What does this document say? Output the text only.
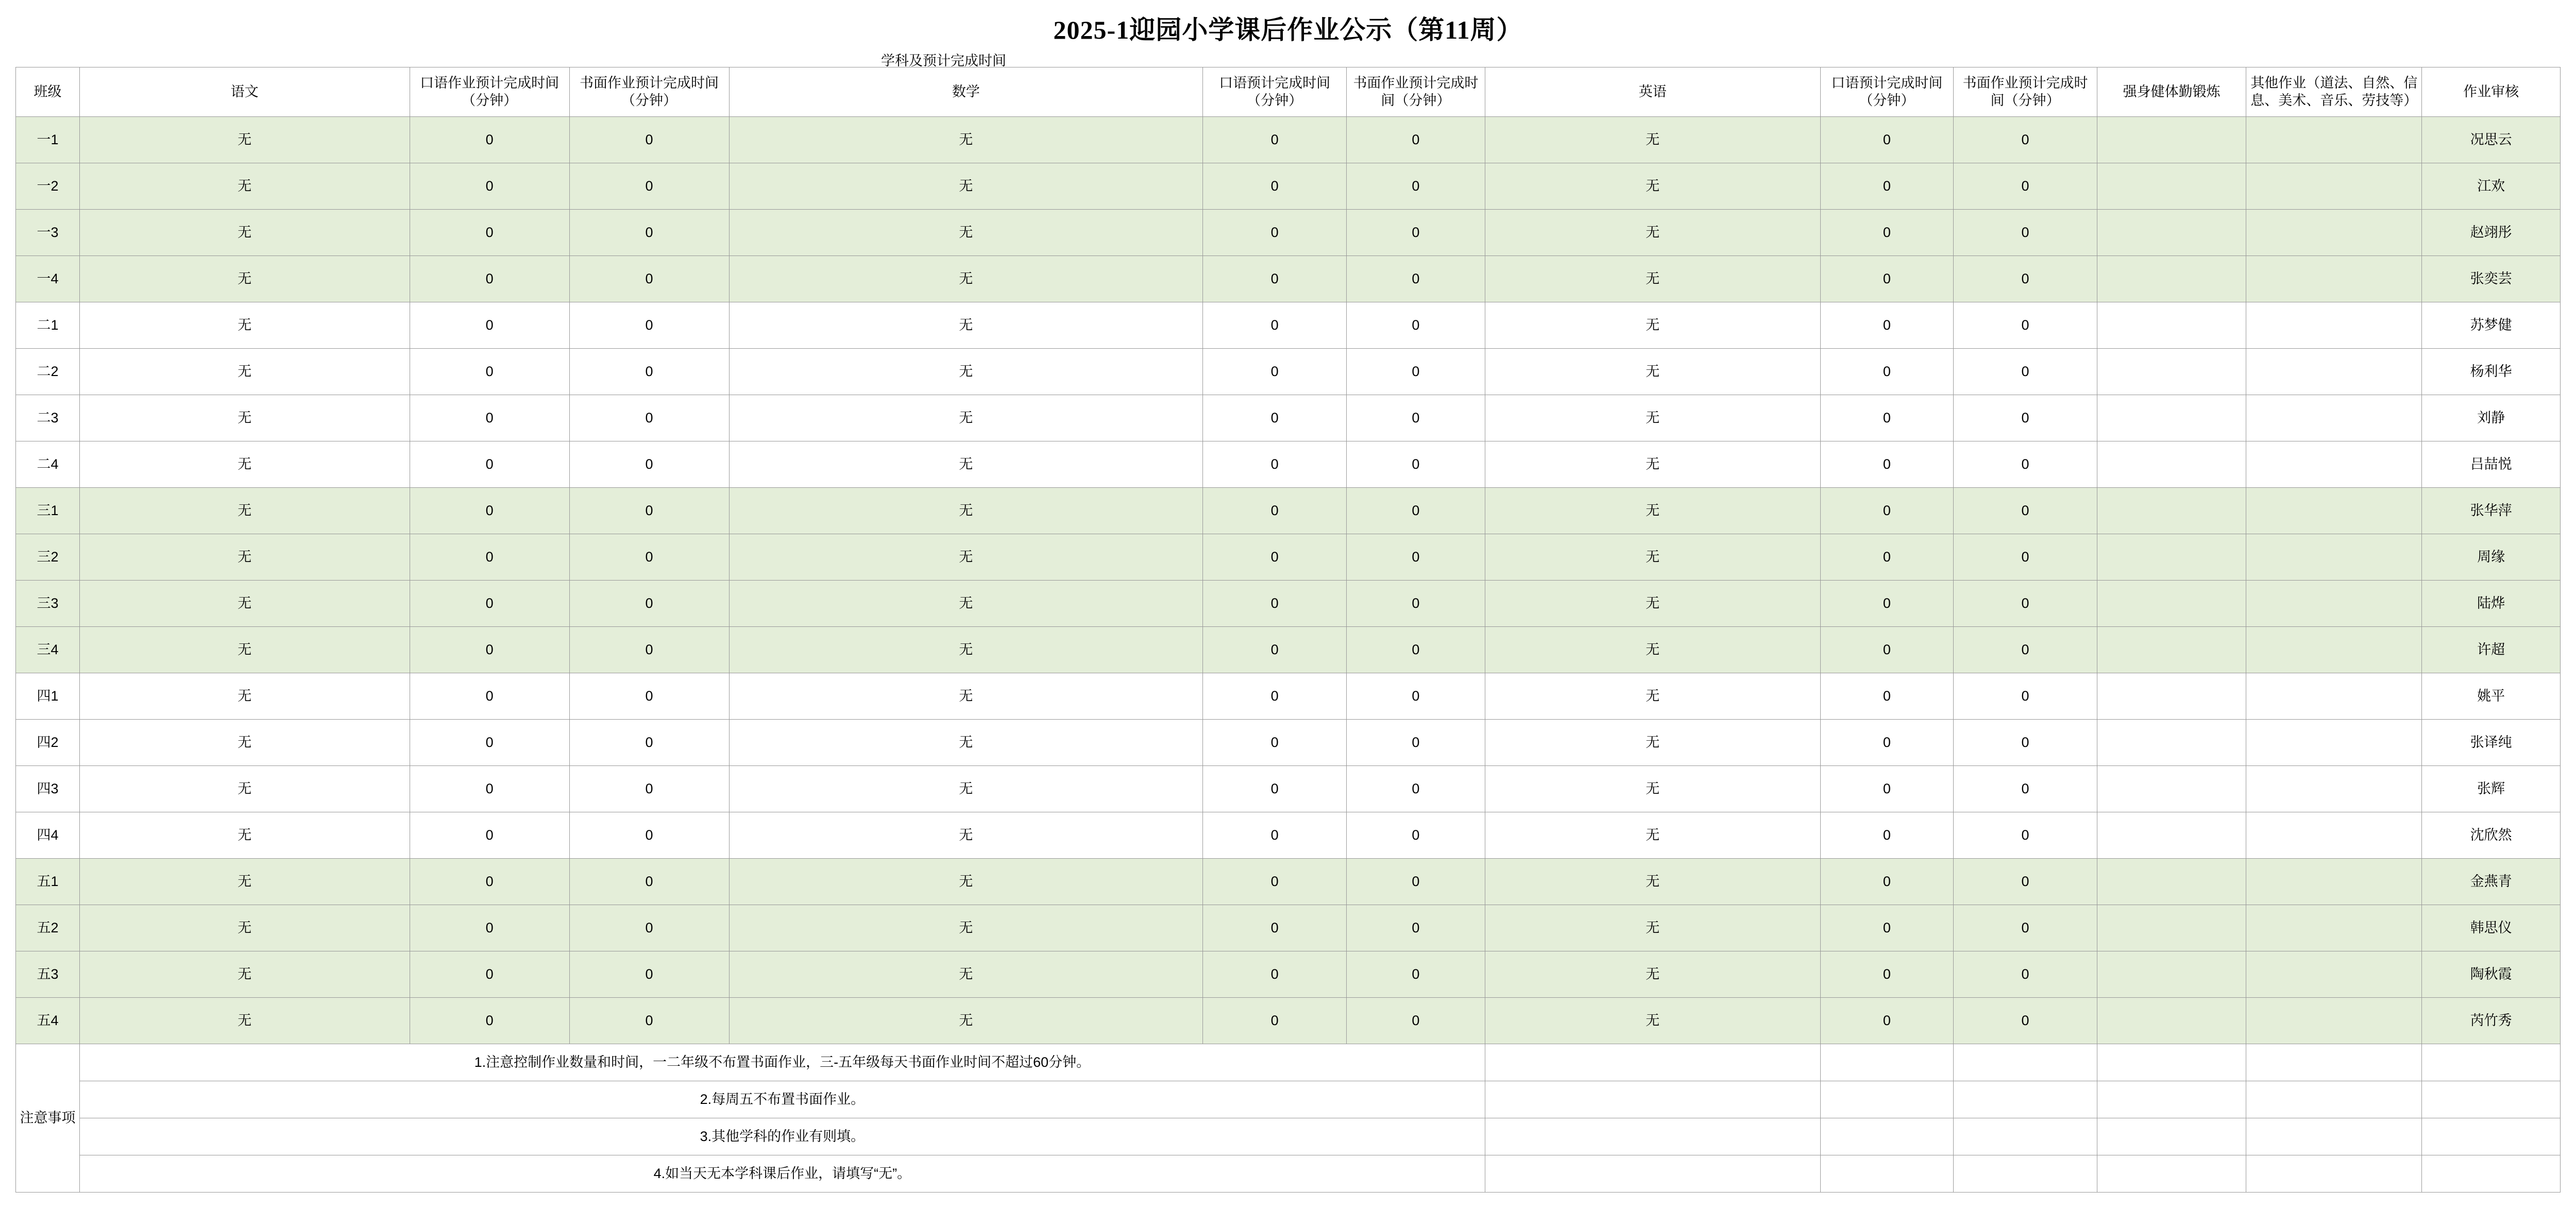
2025-1迎园小学课后作业公示（第11周）
学科及预计完成时间
班级	语文	口语作业预计完成时间（分钟）	书面作业预计完成时间（分钟）	数学	口语预计完成时间（分钟）	书面作业预计完成时间（分钟）	英语	口语预计完成时间（分钟）	书面作业预计完成时间（分钟）	强身健体勤锻炼	其他作业（道法、自然、信息、美术、音乐、劳技等）	作业审核
一1	无	0	0	无	0	0	无	0	0			况思云
一2	无	0	0	无	0	0	无	0	0			江欢
一3	无	0	0	无	0	0	无	0	0			赵翊彤
一4	无	0	0	无	0	0	无	0	0			张奕芸
二1	无	0	0	无	0	0	无	0	0			苏梦健
二2	无	0	0	无	0	0	无	0	0			杨利华
二3	无	0	0	无	0	0	无	0	0			刘静
二4	无	0	0	无	0	0	无	0	0			吕喆悦
三1	无	0	0	无	0	0	无	0	0			张华萍
三2	无	0	0	无	0	0	无	0	0			周缘
三3	无	0	0	无	0	0	无	0	0			陆烨
三4	无	0	0	无	0	0	无	0	0			许超
四1	无	0	0	无	0	0	无	0	0			姚平
四2	无	0	0	无	0	0	无	0	0			张译纯
四3	无	0	0	无	0	0	无	0	0			张辉
四4	无	0	0	无	0	0	无	0	0			沈欣然
五1	无	0	0	无	0	0	无	0	0			金燕青
五2	无	0	0	无	0	0	无	0	0			韩思仪
五3	无	0	0	无	0	0	无	0	0			陶秋霞
五4	无	0	0	无	0	0	无	0	0			芮竹秀
注意事项	1.注意控制作业数量和时间，一二年级不布置书面作业，三-五年级每天书面作业时间不超过60分钟。											
	2.每周五不布置书面作业。											
	3.其他学科的作业有则填。											
	4.如当天无本学科课后作业，请填写“无”。											
